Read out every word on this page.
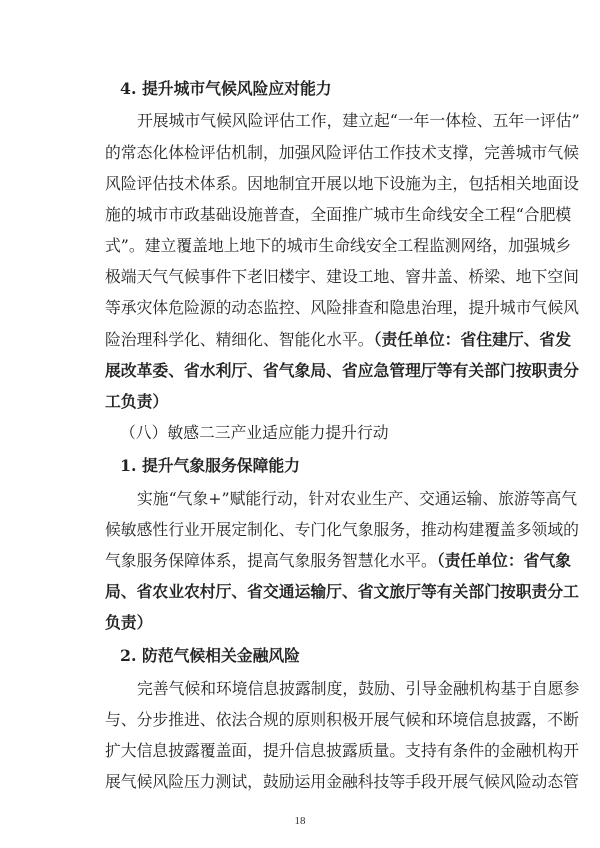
4. 提升城市气候风险应对能力
开展城市气候风险评估工作，建立起“一年一体检、五年一评估”
的常态化体检评估机制，加强风险评估工作技术支撑，完善城市气候
风险评估技术体系。因地制宜开展以地下设施为主，包括相关地面设
施的城市市政基础设施普查，全面推广城市生命线安全工程“合肥模
式”。建立覆盖地上地下的城市生命线安全工程监测网络，加强城乡
极端天气气候事件下老旧楼宇、建设工地、窨井盖、桥梁、地下空间
等承灾体危险源的动态监控、风险排查和隐患治理，提升城市气候风
险治理科学化、精细化、智能化水平。（责任单位：省住建厅、省发
展改革委、省水利厅、省气象局、省应急管理厅等有关部门按职责分
工负责）
（八）敏感二三产业适应能力提升行动
1. 提升气象服务保障能力
实施“气象+”赋能行动，针对农业生产、交通运输、旅游等高气
候敏感性行业开展定制化、专门化气象服务，推动构建覆盖多领域的
气象服务保障体系，提高气象服务智慧化水平。（责任单位：省气象
局、省农业农村厅、省交通运输厅、省文旅厅等有关部门按职责分工
负责）
2. 防范气候相关金融风险
完善气候和环境信息披露制度，鼓励、引导金融机构基于自愿参
与、分步推进、依法合规的原则积极开展气候和环境信息披露，不断
扩大信息披露覆盖面，提升信息披露质量。支持有条件的金融机构开
展气候风险压力测试，鼓励运用金融科技等手段开展气候风险动态管
18
